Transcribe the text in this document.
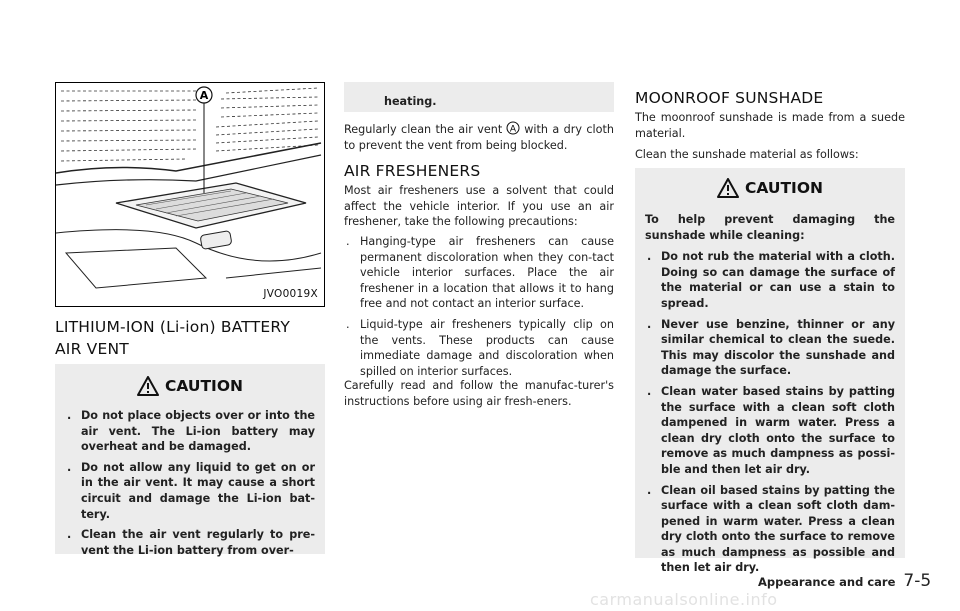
A
JVO0019X
LITHIUM-ION (Li-ion) BATTERY
AIR VENT
CAUTION
. Do not place objects over or into the air vent. The Li-ion battery may overheat and be damaged.
. Do not allow any liquid to get on or in the air vent. It may cause a short circuit and damage the Li-ion bat-tery.
. Clean the air vent regularly to pre-vent the Li-ion battery from over-
heating.

Regularly clean the air vent A with a dry cloth to prevent the vent from being blocked.

AIR FRESHENERS

Most air fresheners use a solvent that could affect the vehicle interior. If you use an air freshener, take the following precautions:

. Hanging-type air fresheners can cause permanent discoloration when they con-tact vehicle interior surfaces. Place the air freshener in a location that allows it to hang free and not contact an interior surface.
. Liquid-type air fresheners typically clip on the vents. These products can cause immediate damage and discoloration when spilled on interior surfaces.

Carefully read and follow the manufac-turer's instructions before using air fresh-eners.

MOONROOF SUNSHADE

The moonroof sunshade is made from a suede material.

Clean the sunshade material as follows:

CAUTION

To help prevent damaging the sunshade while cleaning:

. Do not rub the material with a cloth. Doing so can damage the surface of the material or can use a stain to spread.
. Never use benzine, thinner or any similar chemical to clean the suede. This may discolor the sunshade and damage the surface.
. Clean water based stains by patting the surface with a clean soft cloth dampened in warm water. Press a clean dry cloth onto the surface to remove as much dampness as possi-ble and then let air dry.
. Clean oil based stains by patting the surface with a clean soft cloth dam-pened in warm water. Press a clean dry cloth onto the surface to remove as much dampness as possible and then let air dry.
Appearance and care 7-5
carmanualsonline.info
